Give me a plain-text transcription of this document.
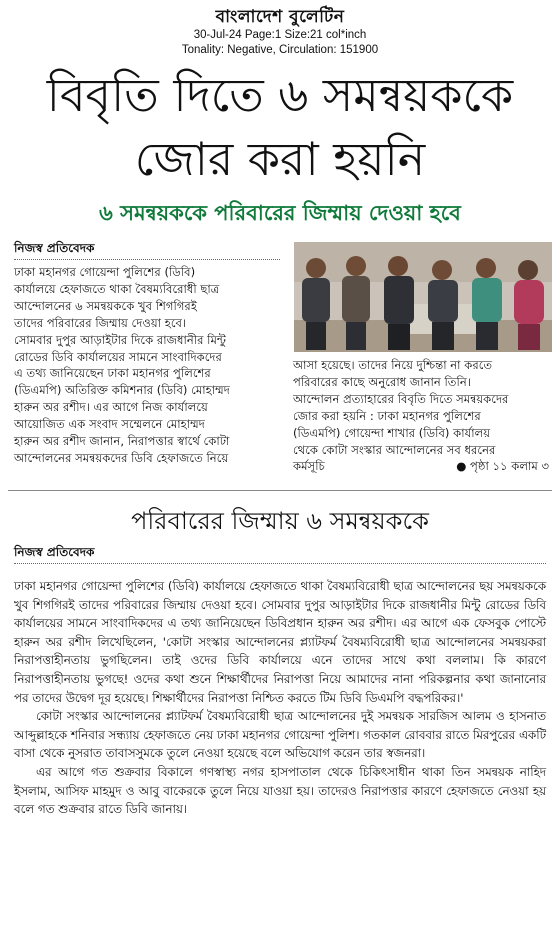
বাংলাদেশ বুলেটিন
30-Jul-24 Page:1 Size:21 col*inch
Tonality: Negative, Circulation: 151900
বিবৃতি দিতে ৬ সমন্বয়ককে
জোর করা হয়নি
৬ সমন্বয়ককে পরিবারের জিম্মায় দেওয়া হবে
নিজস্ব প্রতিবেদক
ঢাকা মহানগর গোয়েন্দা পুলিশের (ডিবি)
কার্যালয়ে হেফাজতে থাকা বৈষম্যবিরোধী ছাত্র
আন্দোলনের ৬ সমন্বয়ককে খুব শিগগিরই
তাদের পরিবারের জিম্মায় দেওয়া হবে।
সোমবার দুপুর আড়াইটার দিকে রাজধানীর মিন্টু
রোডের ডিবি কার্যালয়ের সামনে সাংবাদিকদের
এ তথ্য জানিয়েছেন ঢাকা মহানগর পুলিশের
(ডিএমপি) অতিরিক্ত কমিশনার (ডিবি) মোহাম্মদ
হারুন অর রশীদ। এর আগে নিজ কার্যালয়ে
আয়োজিত এক সংবাদ সম্মেলনে মোহাম্মদ
হারুন অর রশীদ জানান, নিরাপত্তার স্বার্থে কোটা
আন্দোলনের সমন্বয়কদের ডিবি হেফাজতে নিয়ে
আসা হয়েছে। তাদের নিয়ে দুশ্চিন্তা না করতে
পরিবারের কাছে অনুরোধ জানান তিনি।
আন্দোলন প্রত্যাহারের বিবৃতি দিতে সমন্বয়কদের
জোর করা হয়নি : ঢাকা মহানগর পুলিশের
(ডিএমপি) গোয়েন্দা শাখার (ডিবি) কার্যালয়
থেকে কোটা সংস্কার আন্দোলনের সব ধরনের
কর্মসূচি	● পৃষ্ঠা ১১ কলাম ৩
পরিবারের জিম্মায় ৬ সমন্বয়ককে
নিজস্ব প্রতিবেদক

ঢাকা মহানগর গোয়েন্দা পুলিশের (ডিবি) কার্যালয়ে হেফাজতে থাকা বৈষম্যবিরোধী ছাত্র আন্দোলনের ছয় সমন্বয়ককে খুব শিগগিরই তাদের পরিবারের জিম্মায় দেওয়া হবে। সোমবার দুপুর আড়াইটার দিকে রাজধানীর মিন্টু রোডের ডিবি কার্যালয়ের সামনে সাংবাদিকদের এ তথ্য জানিয়েছেন ডিবিপ্রধান হারুন অর রশীদ। এর আগে এক ফেসবুক পোস্টে হারুন অর রশীদ লিখেছিলেন, 'কোটা সংস্কার আন্দোলনের প্ল্যাটফর্ম বৈষম্যবিরোধী ছাত্র আন্দোলনের সমন্বয়করা নিরাপত্তাহীনতায় ভুগছিলেন। তাই ওদের ডিবি কার্যালয়ে এনে তাদের সাথে কথা বললাম। কি কারণে নিরাপত্তাহীনতায় ভুগছে! ওদের কথা শুনে শিক্ষার্থীদের নিরাপত্তা নিয়ে আমাদের নানা পরিকল্পনার কথা জানানোর পর তাদের উদ্বেগ দূর হয়েছে। শিক্ষার্থীদের নিরাপত্তা নিশ্চিত করতে টিম ডিবি ডিএমপি বদ্ধপরিকর।'

কোটা সংস্কার আন্দোলনের প্ল্যাটফর্ম বৈষম্যবিরোধী ছাত্র আন্দোলনের দুই সমন্বয়ক সারজিস আলম ও হাসনাত আব্দুল্লাহকে শনিবার সন্ধ্যায় হেফাজতে নেয় ঢাকা মহানগর গোয়েন্দা পুলিশ। গতকাল রোববার রাতে মিরপুরের একটি বাসা থেকে নুসরাত তাবাসসুমকে তুলে নেওয়া হয়েছে বলে অভিযোগ করেন তার স্বজনরা।

এর আগে গত শুক্রবার বিকালে গণস্বাস্থ্য নগর হাসপাতাল থেকে চিকিৎসাধীন থাকা তিন সমন্বয়ক নাহিদ ইসলাম, আসিফ মাহমুদ ও আবু বাকেরকে তুলে নিয়ে যাওয়া হয়। তাদেরও নিরাপত্তার কারণে হেফাজতে নেওয়া হয় বলে গত শুক্রবার রাতে ডিবি জানায়।
